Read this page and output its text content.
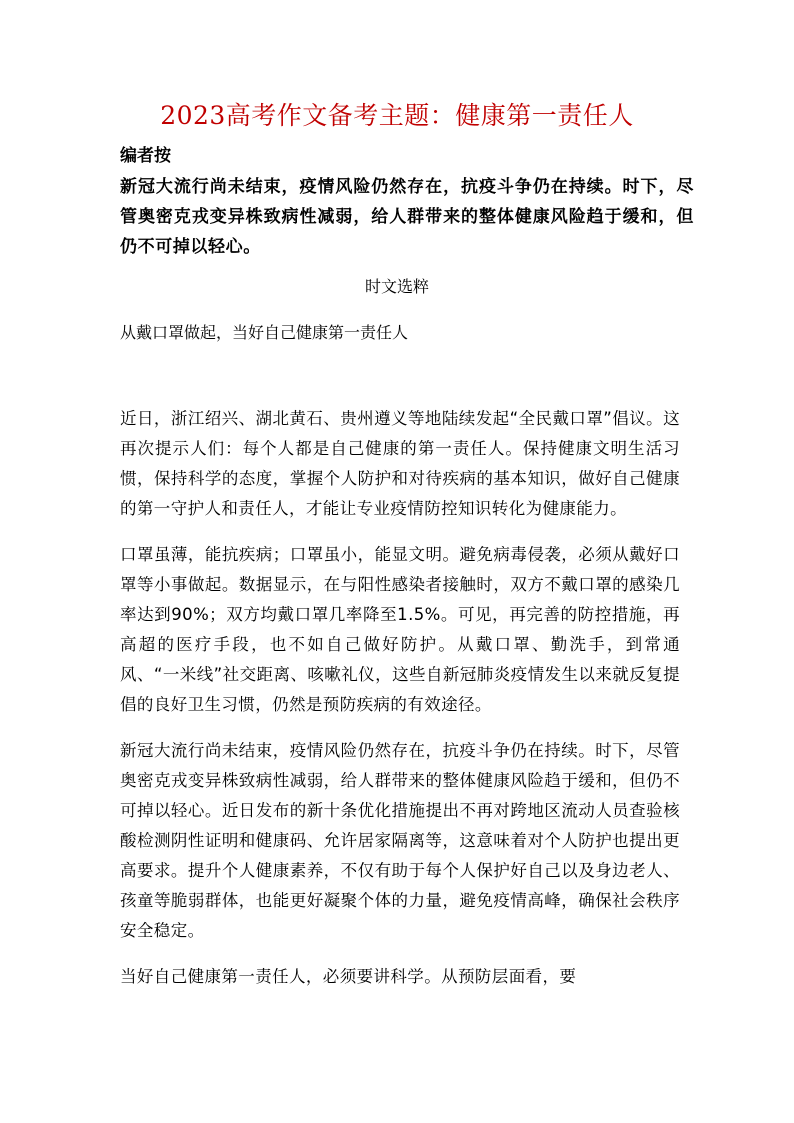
2023高考作文备考主题：健康第一责任人
编者按
新冠大流行尚未结束，疫情风险仍然存在，抗疫斗争仍在持续。时下，尽管奥密克戎变异株致病性减弱，给人群带来的整体健康风险趋于缓和，但仍不可掉以轻心。
时文选粹
从戴口罩做起，当好自己健康第一责任人

近日，浙江绍兴、湖北黄石、贵州遵义等地陆续发起“全民戴口罩”倡议。这再次提示人们：每个人都是自己健康的第一责任人。保持健康文明生活习惯，保持科学的态度，掌握个人防护和对待疾病的基本知识，做好自己健康的第一守护人和责任人，才能让专业疫情防控知识转化为健康能力。

口罩虽薄，能抗疾病；口罩虽小，能显文明。避免病毒侵袭，必须从戴好口罩等小事做起。数据显示，在与阳性感染者接触时，双方不戴口罩的感染几率达到90%；双方均戴口罩几率降至1.5%。可见，再完善的防控措施，再高超的医疗手段，也不如自己做好防护。从戴口罩、勤洗手，到常通风、“一米线”社交距离、咳嗽礼仪，这些自新冠肺炎疫情发生以来就反复提倡的良好卫生习惯，仍然是预防疾病的有效途径。

新冠大流行尚未结束，疫情风险仍然存在，抗疫斗争仍在持续。时下，尽管奥密克戎变异株致病性减弱，给人群带来的整体健康风险趋于缓和，但仍不可掉以轻心。近日发布的新十条优化措施提出不再对跨地区流动人员查验核酸检测阴性证明和健康码、允许居家隔离等，这意味着对个人防护也提出更高要求。提升个人健康素养，不仅有助于每个人保护好自己以及身边老人、孩童等脆弱群体，也能更好凝聚个体的力量，避免疫情高峰，确保社会秩序安全稳定。

当好自己健康第一责任人，必须要讲科学。从预防层面看，要
